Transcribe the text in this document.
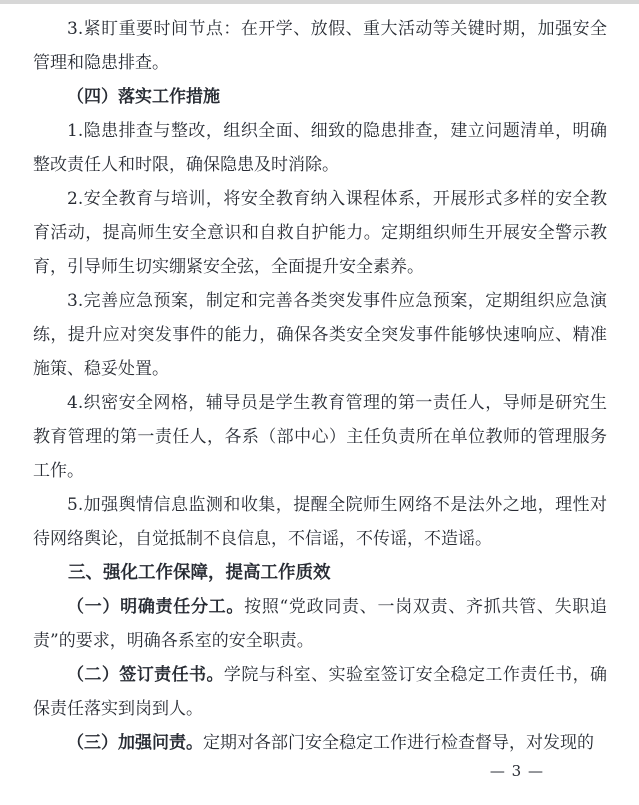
3.紧盯重要时间节点：在开学、放假、重大活动等关键时期，加强安全管理和隐患排查。

（四）落实工作措施

1.隐患排查与整改，组织全面、细致的隐患排查，建立问题清单，明确整改责任人和时限，确保隐患及时消除。

2.安全教育与培训，将安全教育纳入课程体系，开展形式多样的安全教育活动，提高师生安全意识和自救自护能力。定期组织师生开展安全警示教育，引导师生切实绷紧安全弦，全面提升安全素养。

3.完善应急预案，制定和完善各类突发事件应急预案，定期组织应急演练，提升应对突发事件的能力，确保各类安全突发事件能够快速响应、精准施策、稳妥处置。

4.织密安全网格，辅导员是学生教育管理的第一责任人，导师是研究生教育管理的第一责任人，各系（部中心）主任负责所在单位教师的管理服务工作。

5.加强舆情信息监测和收集，提醒全院师生网络不是法外之地，理性对待网络舆论，自觉抵制不良信息，不信谣，不传谣，不造谣。

三、强化工作保障，提高工作质效

（一）明确责任分工。按照“党政同责、一岗双责、齐抓共管、失职追责”的要求，明确各系室的安全职责。

（二）签订责任书。学院与科室、实验室签订安全稳定工作责任书，确保责任落实到岗到人。

（三）加强问责。定期对各部门安全稳定工作进行检查督导，对发现的

— 3 —
